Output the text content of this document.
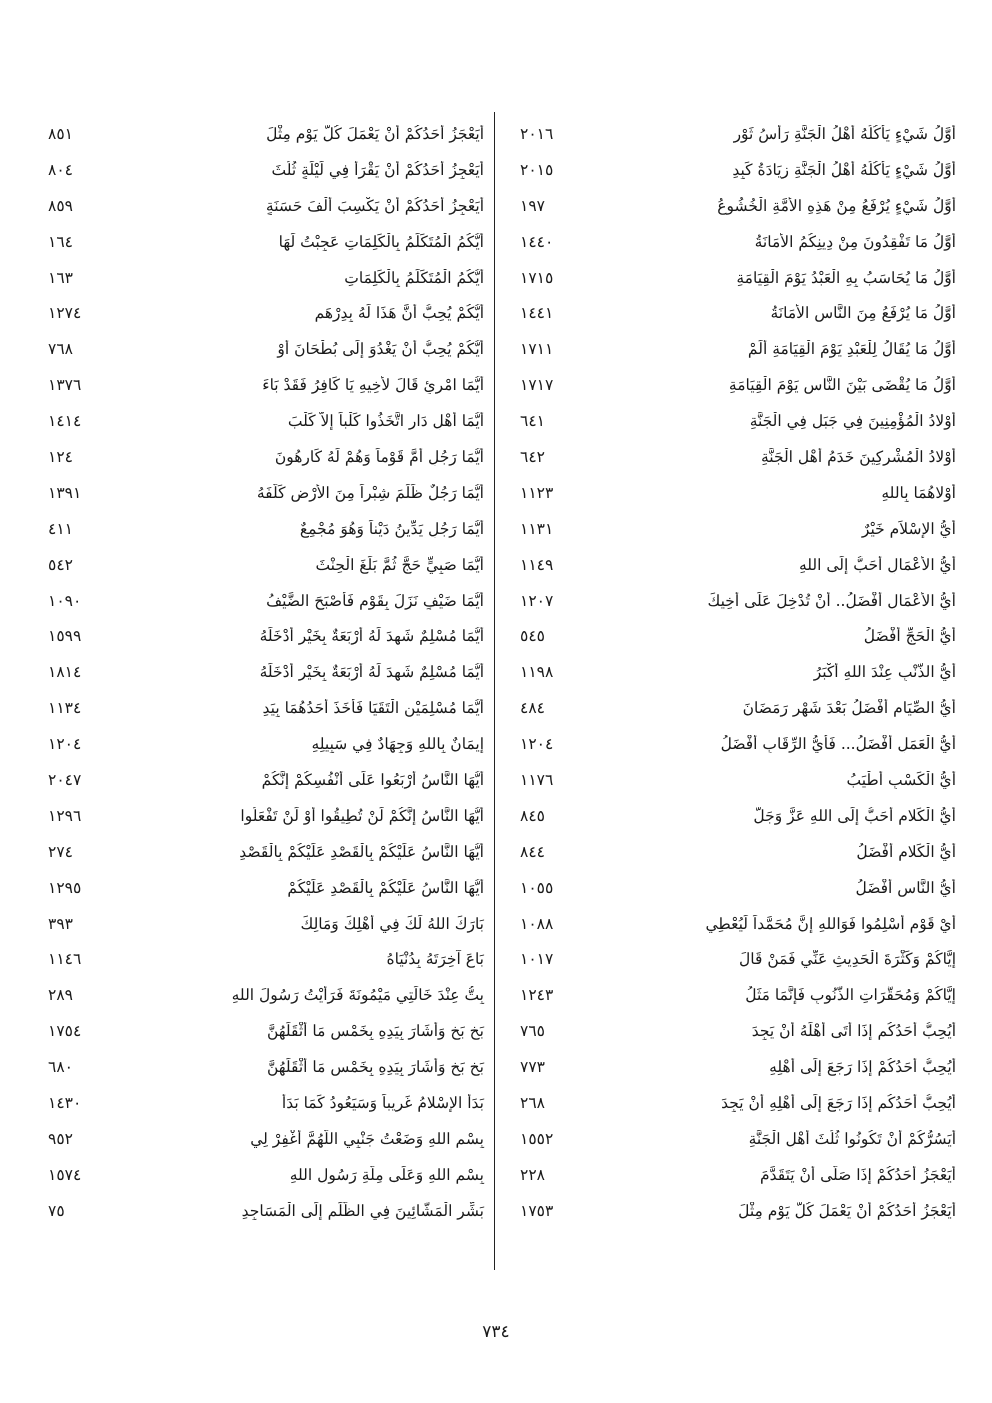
أَوَّلُ شَيْءٍ يَأْكُلُهُ أَهْلُ الْجَنَّةِ رَأْسُ ثَوْرٍ
٢٠١٦
أَوَّلُ شَيْءٍ يَأْكُلُهُ أَهْلُ الْجَنَّةِ زِيَادَةُ كَبِدِ
٢٠١٥
أَوَّلُ شَيْءٍ يُرْفَعُ مِنْ هَذِهِ الأُمَّةِ الْخُشُوعُ
١٩٧
أَوَّلُ مَا تَفْقِدُونَ مِنْ دِينِكُمُ الأَمَانَةُ
١٤٤٠
أَوَّلُ مَا يُحَاسَبُ بِهِ الْعَبْدُ يَوْمَ الْقِيَامَةِ
١٧١٥
أَوَّلُ مَا يُرْفَعُ مِنَ النَّاسِ الأَمَانَةُ
١٤٤١
أَوَّلُ مَا يُقَالُ لِلْعَبْدِ يَوْمَ الْقِيَامَةِ أَلَمْ
١٧١١
أَوَّلُ مَا يُقْضَى بَيْنَ النَّاسِ يَوْمَ الْقِيَامَةِ
١٧١٧
أَوْلادُ الْمُؤْمِنِينَ فِي جَبَلٍ فِي الْجَنَّةِ
٦٤١
أَوْلادُ الْمُشْرِكِينَ خَدَمُ أَهْلِ الْجَنَّةِ
٦٤٢
أَوْلاهُمَا بِاللهِ
١١٢٣
أَيُّ الإِسْلاَمِ خَيْرٌ
١١٣١
أَيُّ الأَعْمَالِ أَحَبُّ إِلَى اللهِ
١١٤٩
أَيُّ الأَعْمَالِ أَفْضَلُ.. أَنْ تُدْخِلَ عَلَى أَخِيكَ
١٢٠٧
أَيُّ الْحَجِّ أَفْضَلُ
٥٤٥
أَيُّ الذَّنْبِ عِنْدَ اللهِ أَكْبَرُ
١١٩٨
أَيُّ الصِّيَامِ أَفْضَلُ بَعْدَ شَهْرِ رَمَضَانَ
٤٨٤
أَيُّ الْعَمَلِ أَفْضَلُ... فَأَيُّ الرِّقَابِ أَفْضَلُ
١٢٠٤
أَيُّ الْكَسْبِ أَطْيَبُ
١١٧٦
أَيُّ الْكَلامِ أَحَبُّ إِلَى اللهِ عَزَّ وَجَلَّ
٨٤٥
أَيُّ الْكَلامِ أَفْضَلُ
٨٤٤
أَيُّ النَّاسِ أَفْضَلُ
١٠٥٥
أَيْ قَوْمِ أَسْلِمُوا فَوَاللهِ إِنَّ مُحَمَّداً لَيُعْطِي
١٠٨٨
إِيَّاكُمْ وَكَثْرَةَ الْحَدِيثِ عَنِّي فَمَنْ قَالَ
١٠١٧
إِيَّاكُمْ وَمُحَقَّرَاتِ الذُّنُوبِ فَإِنَّمَا مَثَلُ
١٢٤٣
أَيُحِبُّ أَحَدُكُم إِذَا أَتَى أَهْلَهُ أَنْ يَجِدَ
٧٦٥
أَيُحِبُّ أَحَدُكُمْ إِذَا رَجَعَ إِلَى أَهْلِهِ
٧٧٣
أَيُحِبُّ أَحَدُكُم إِذَا رَجَعَ إِلَى أَهْلِهِ أَنْ يَجِدَ
٢٦٨
أَيَسُرُّكُمْ أَنْ تَكُونُوا ثُلُثَ أَهْلِ الْجَنَّةِ
١٥٥٢
أَيَعْجَزُ أَحَدُكُمْ إِذَا صَلَّى أَنْ يَتَقَدَّمَ
٢٢٨
أَيَعْجَزُ أَحَدُكُمْ أَنْ يَعْمَلَ كُلَّ يَوْمٍ مِثْلَ
١٧٥٣
أَيَعْجَزُ أَحَدُكُمْ أَنْ يَعْمَلَ كُلَّ يَوْمٍ مِثْلَ
٨٥١
أَيَعْجِزُ أَحَدُكُمْ أَنْ يَقْرَأَ فِي لَيْلَةٍ ثُلُثَ
٨٠٤
أَيَعْجِزُ أَحَدُكُمْ أَنْ يَكْسِبَ أَلْفَ حَسَنَةٍ
٨٥٩
أَيُّكُمُ الْمُتَكَلِّمُ بِالْكَلِمَاتِ عَجِبْتُ لَهَا
١٦٤
أَيُّكُمُ الْمُتَكَلِّمُ بِالْكَلِمَاتِ
١٦٣
أَيُّكُمْ يُحِبُّ أَنَّ هَذَا لَهُ بِدِرْهَمٍ
١٢٧٤
أَيُّكُمْ يُحِبُّ أَنْ يَغْدُوَ إِلَى بُطْحَانَ أَوْ
٧٦٨
أَيُّمَا امْرِئٍ قَالَ لأَخِيهِ يَا كَافِرُ فَقَدْ بَاءَ
١٣٧٦
أَيُّمَا أَهْلِ دَارٍ اتَّخَذُوا كَلْباً إِلاَّ كَلْبَ
١٤١٤
أَيُّمَا رَجُلٍ أَمَّ قَوْماً وَهُمْ لَهُ كَارِهُونَ
١٢٤
أَيُّمَا رَجُلٌ ظَلَمَ شِبْراً مِنَ الأَرْضِ كَلَّفَهُ
١٣٩١
أَيُّمَا رَجُلٍ يَدِّينُ دَيْناً وَهُوَ مُجْمِعٌ
٤١١
أَيُّمَا صَبِيٍّ حَجَّ ثُمَّ بَلَغَ الْحِنْثَ
٥٤٢
أَيُّمَا ضَيْفٍ نَزَلَ بِقَوْمٍ فَأَصْبَحَ الضَّيْفُ
١٠٩٠
أَيُّمَا مُسْلِمٌ شَهِدَ لَهُ أَرْبَعَةٌ بِخَيْرٍ أَدْخَلَهُ
١٥٩٩
أَيُّمَا مُسْلِمٌ شَهِدَ لَهُ أَرْبَعَةٌ بِخَيْرٍ أَدْخَلَهُ
١٨١٤
أَيُّمَا مُسْلِمَيْنِ الْتَقَيَا فَأَخَذَ أَحَدُهُمَا بِيَدِ
١١٣٤
إِيمَانٌ بِاللهِ وَجِهَادٌ فِي سَبِيلِهِ
١٢٠٤
أَيُّهَا النَّاسُ أَرْبَعُوا عَلَى أَنْفُسِكُمْ إِنَّكُمْ
٢٠٤٧
أَيُّهَا النَّاسُ إِنَّكُمْ لَنْ تُطِيقُوا أَوْ لَنْ تَفْعَلُوا
١٢٩٦
أَيُّهَا النَّاسُ عَلَيْكُمْ بِالْقَصْدِ عَلَيْكُمْ بِالْقَصْدِ
٢٧٤
أَيُّهَا النَّاسُ عَلَيْكُمْ بِالْقَصْدِ عَلَيْكُمْ
١٢٩٥
بَارَكَ اللهُ لَكَ فِي أَهْلِكَ وَمَالِكَ
٣٩٣
بَاعَ آخِرَتَهُ بِدُنْيَاهُ
١١٤٦
بِتُّ عِنْدَ خَالَتِي مَيْمُونَةَ فَرَأَيْتُ رَسُولَ اللهِ
٢٨٩
بَخٍ بَخٍ وَأَشَارَ بِيَدِهِ بِخَمْسٍ مَا أَثْقَلَهُنَّ
١٧٥٤
بَخٍ بَخٍ وَأَشَارَ بِيَدِهِ بِخَمْسٍ مَا أَثْقَلَهُنَّ
٦٨٠
بَدَأَ الإِسْلامُ غَرِيباً وَسَيَعُودُ كَمَا بَدَأَ
١٤٣٠
بِسْمِ اللهِ وَضَعْتُ جَنْبِي اللَّهُمَّ أَغْفِرْ لِي
٩٥٢
بِسْمِ اللهِ وَعَلَى مِلَّةِ رَسُولِ اللهِ
١٥٧٤
بَشِّرِ الْمَشَّائِينَ فِي الظُّلَمِ إِلَى الْمَسَاجِدِ
٧٥
٧٣٤
